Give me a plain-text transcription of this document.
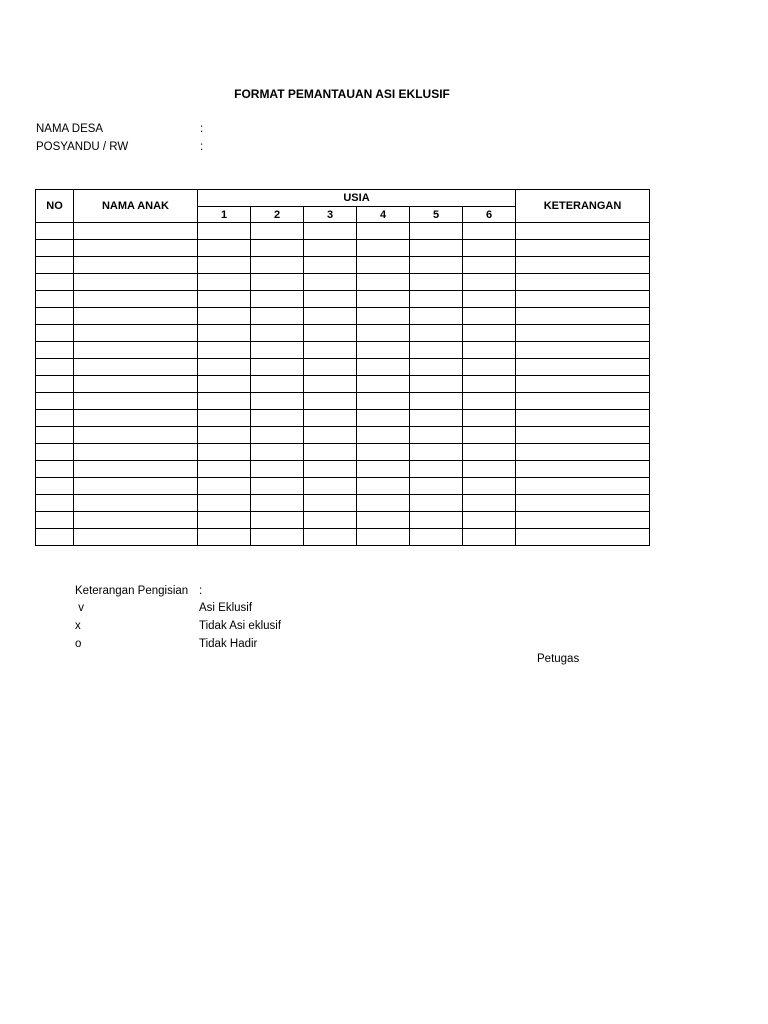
FORMAT PEMANTAUAN ASI EKLUSIF
NAMA DESA	:
POSYANDU / RW	:
NO	NAMA ANAK	USIA						KETERANGAN
		1	2	3	4	5	6	

Keterangan Pengisian :
v	Asi Eklusif
x	Tidak Asi eklusif
o	Tidak Hadir
Petugas
